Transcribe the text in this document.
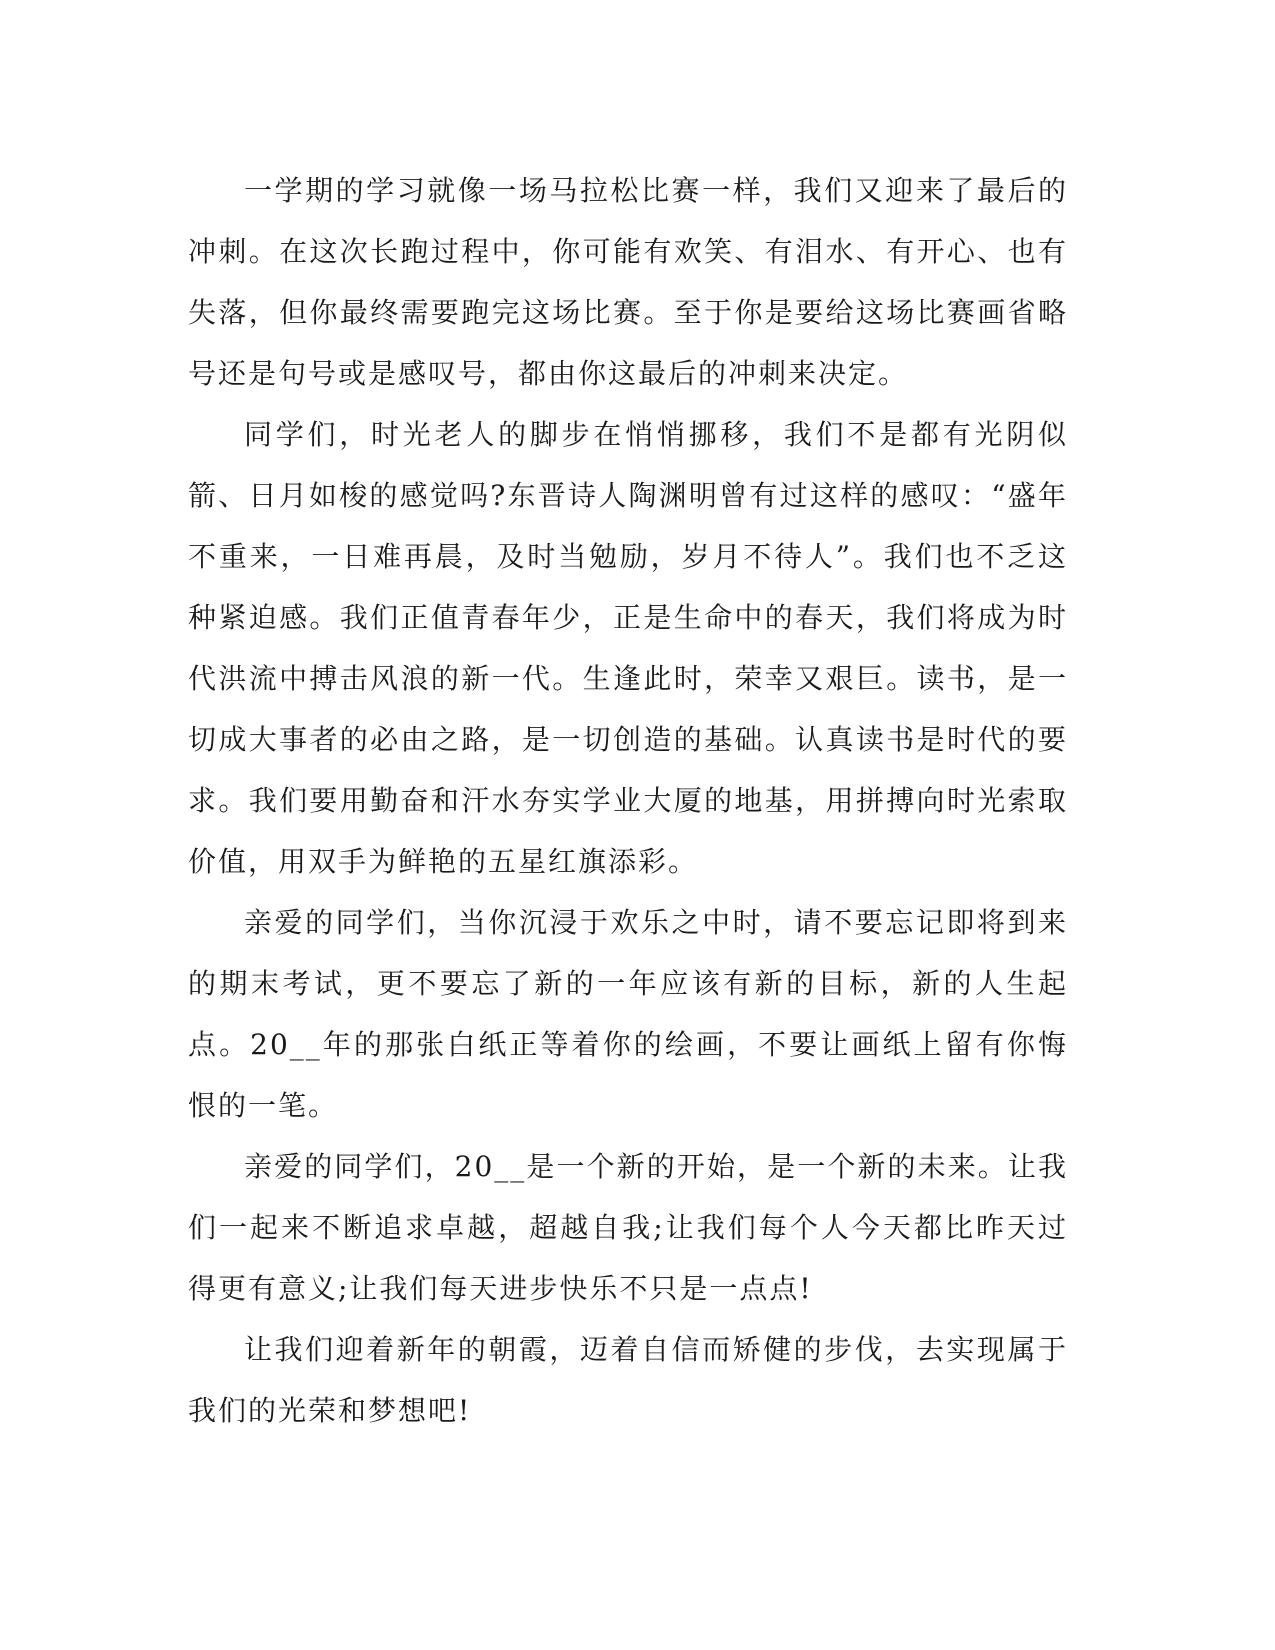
一学期的学习就像一场马拉松比赛一样，我们又迎来了最后的冲刺。在这次长跑过程中，你可能有欢笑、有泪水、有开心、也有失落，但你最终需要跑完这场比赛。至于你是要给这场比赛画省略号还是句号或是感叹号，都由你这最后的冲刺来决定。

同学们，时光老人的脚步在悄悄挪移，我们不是都有光阴似箭、日月如梭的感觉吗?东晋诗人陶渊明曾有过这样的感叹：“盛年不重来，一日难再晨，及时当勉励，岁月不待人”。我们也不乏这种紧迫感。我们正值青春年少，正是生命中的春天，我们将成为时代洪流中搏击风浪的新一代。生逢此时，荣幸又艰巨。读书，是一切成大事者的必由之路，是一切创造的基础。认真读书是时代的要求。我们要用勤奋和汗水夯实学业大厦的地基，用拼搏向时光索取价值，用双手为鲜艳的五星红旗添彩。

亲爱的同学们，当你沉浸于欢乐之中时，请不要忘记即将到来的期末考试，更不要忘了新的一年应该有新的目标，新的人生起点。20__年的那张白纸正等着你的绘画，不要让画纸上留有你悔恨的一笔。

亲爱的同学们，20__是一个新的开始，是一个新的未来。让我们一起来不断追求卓越，超越自我;让我们每个人今天都比昨天过得更有意义;让我们每天进步快乐不只是一点点!

让我们迎着新年的朝霞，迈着自信而矫健的步伐，去实现属于我们的光荣和梦想吧!
